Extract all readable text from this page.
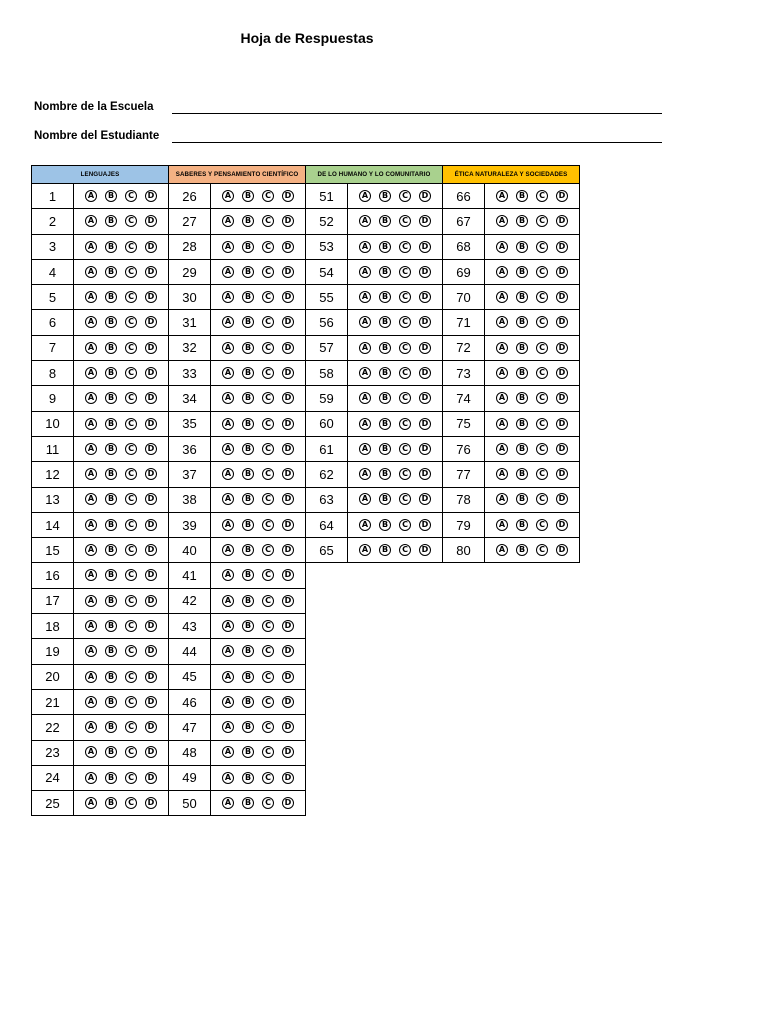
Hoja de Respuestas
Nombre de la Escuela
Nombre del Estudiante
LENGUAJES		SABERES Y PENSAMIENTO CIENTÍFICO		DE LO HUMANO Y LO COMUNITARIO		ÉTICA NATURALEZA Y SOCIEDADES	
1	A B C D	26	A B C D	51	A B C D	66	A B C D
2	A B C D	27	A B C D	52	A B C D	67	A B C D
3	A B C D	28	A B C D	53	A B C D	68	A B C D
4	A B C D	29	A B C D	54	A B C D	69	A B C D
5	A B C D	30	A B C D	55	A B C D	70	A B C D
6	A B C D	31	A B C D	56	A B C D	71	A B C D
7	A B C D	32	A B C D	57	A B C D	72	A B C D
8	A B C D	33	A B C D	58	A B C D	73	A B C D
9	A B C D	34	A B C D	59	A B C D	74	A B C D
10	A B C D	35	A B C D	60	A B C D	75	A B C D
11	A B C D	36	A B C D	61	A B C D	76	A B C D
12	A B C D	37	A B C D	62	A B C D	77	A B C D
13	A B C D	38	A B C D	63	A B C D	78	A B C D
14	A B C D	39	A B C D	64	A B C D	79	A B C D
15	A B C D	40	A B C D	65	A B C D	80	A B C D
16	A B C D	41	A B C D				
17	A B C D	42	A B C D				
18	A B C D	43	A B C D				
19	A B C D	44	A B C D				
20	A B C D	45	A B C D				
21	A B C D	46	A B C D				
22	A B C D	47	A B C D				
23	A B C D	48	A B C D				
24	A B C D	49	A B C D				
25	A B C D	50	A B C D				
